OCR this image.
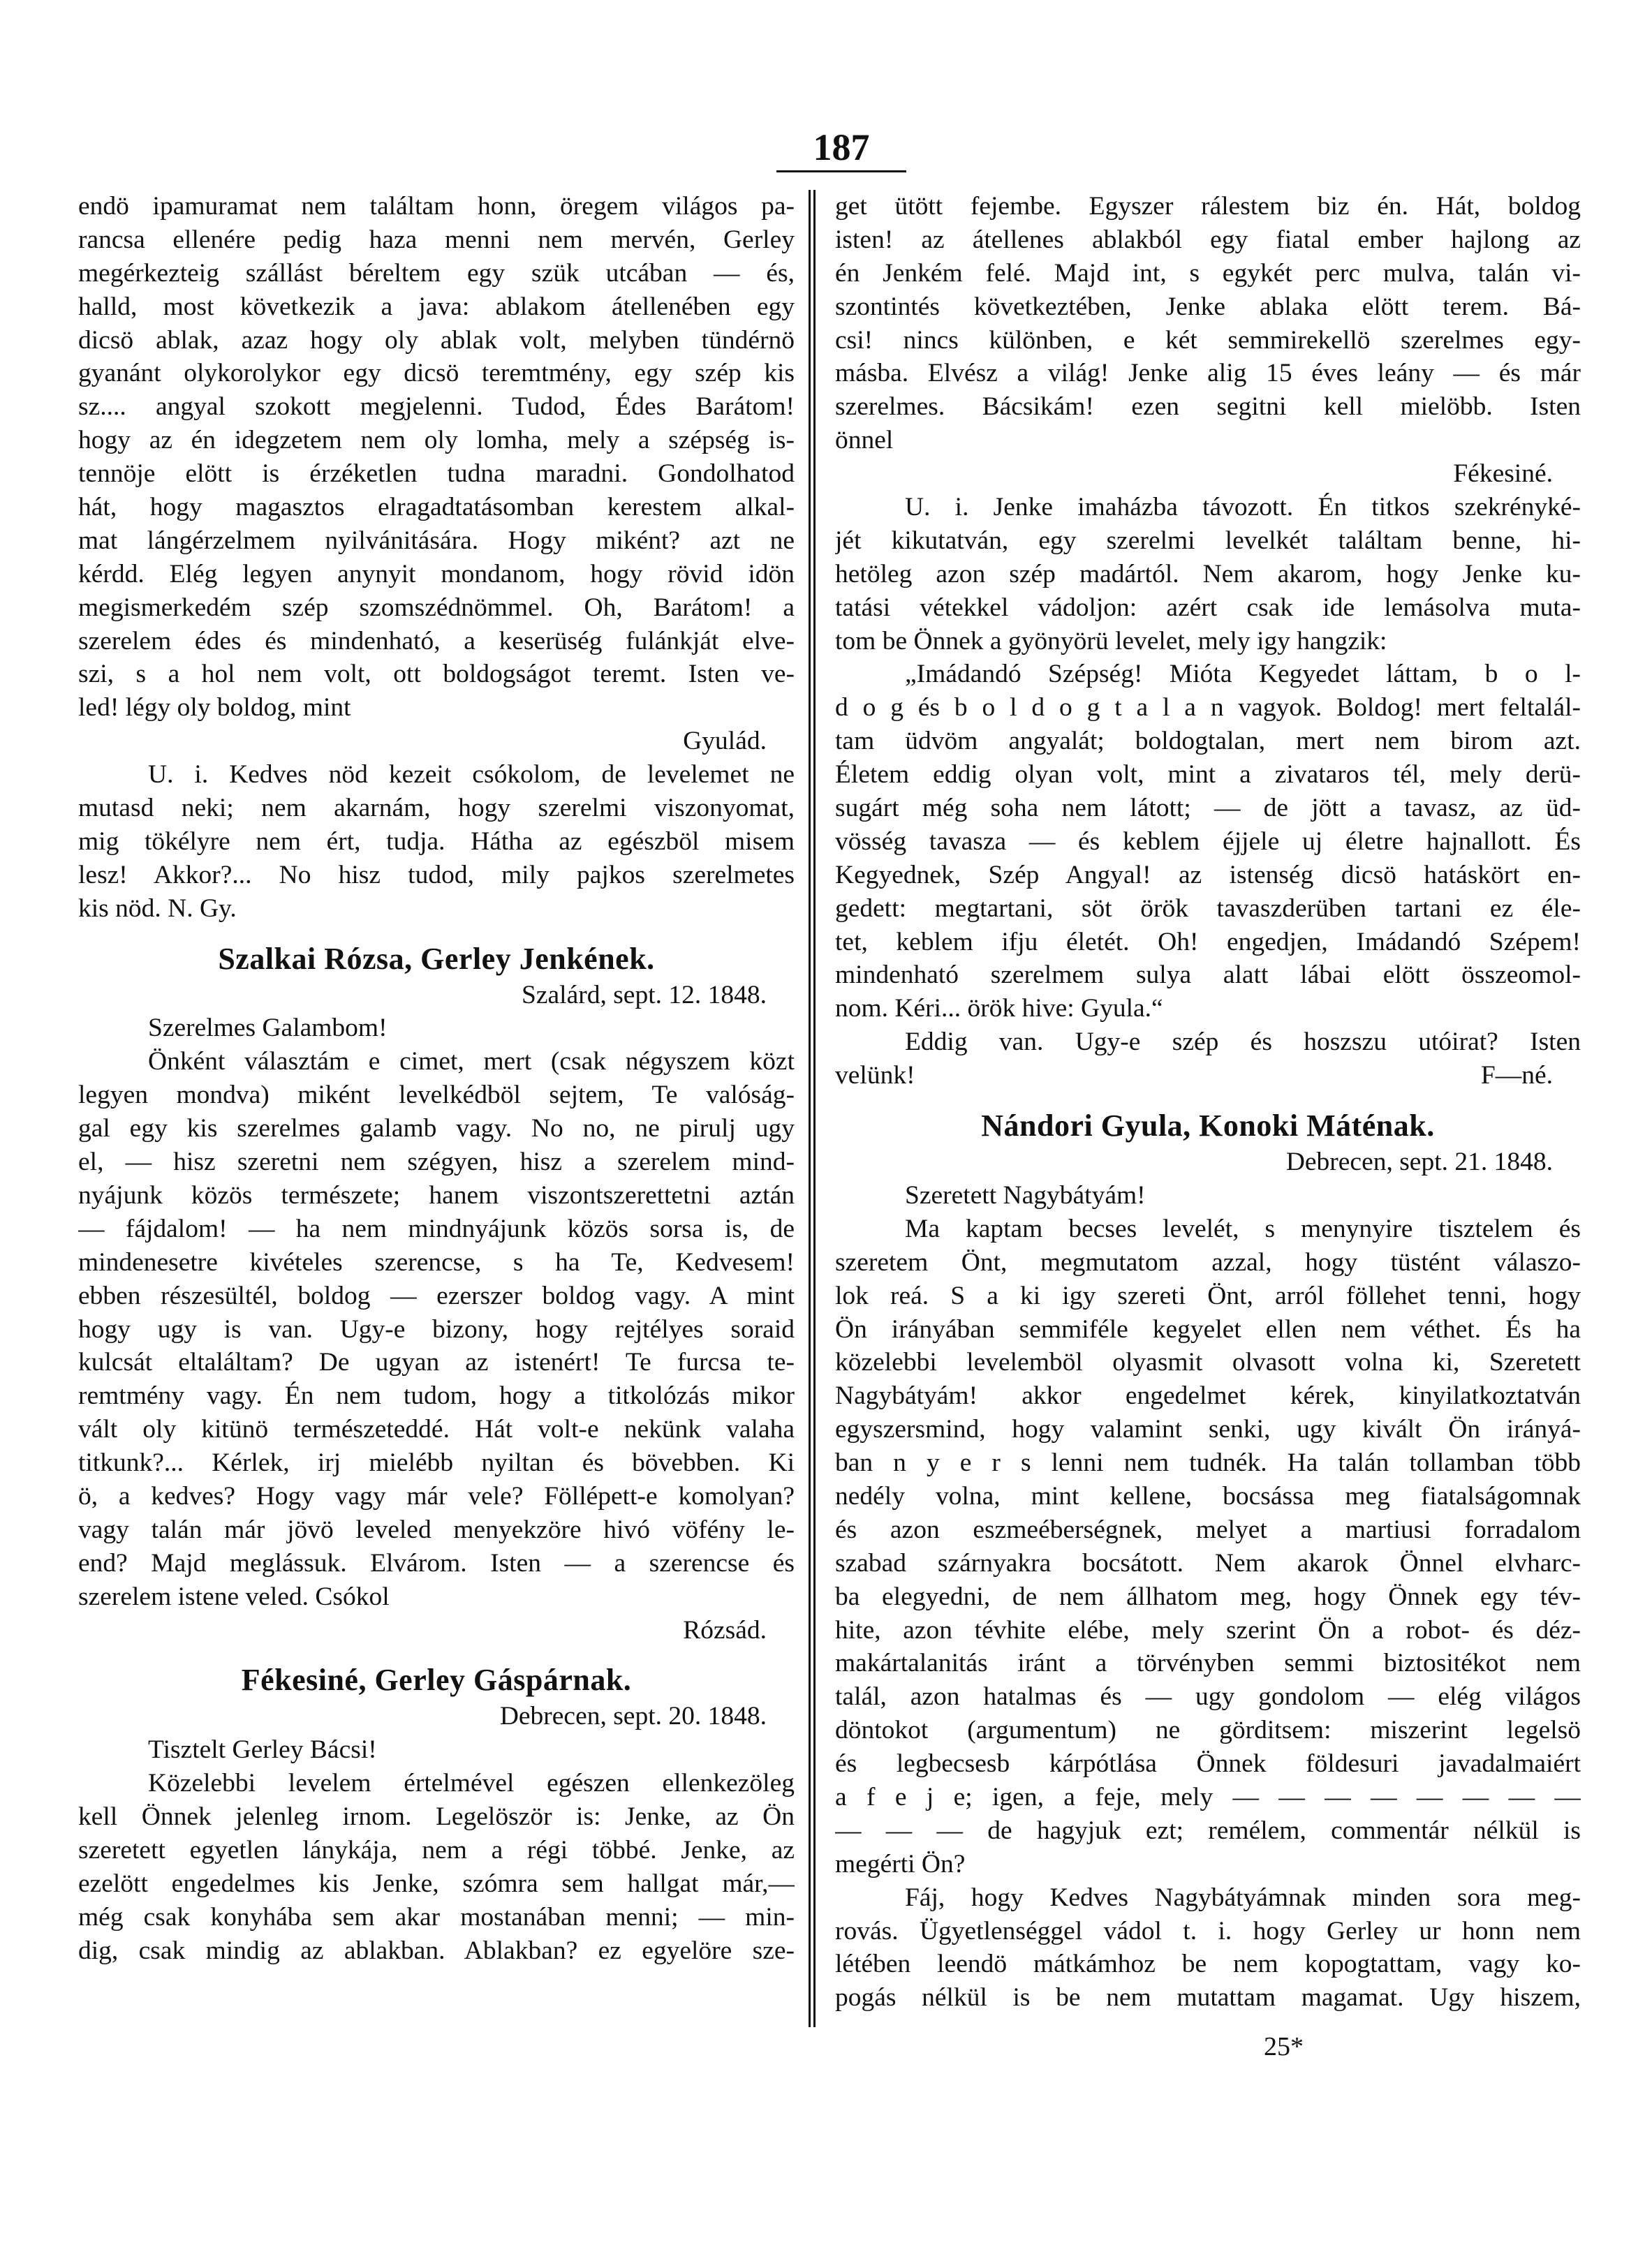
187
endö ipamuramat nem találtam honn, öregem világos pa-
rancsa ellenére pedig haza menni nem mervén, Gerley
megérkezteig szállást béreltem egy szük utcában — és,
halld, most következik a java: ablakom átellenében egy
dicsö ablak, azaz hogy oly ablak volt, melyben tündérnö
gyanánt olykorolykor egy dicsö teremtmény, egy szép kis
sz.... angyal szokott megjelenni. Tudod, Édes Barátom!
hogy az én idegzetem nem oly lomha, mely a szépség is-
tennöje elött is érzéketlen tudna maradni. Gondolhatod
hát, hogy magasztos elragadtatásomban kerestem alkal-
mat lángérzelmem nyilvánitására. Hogy miként? azt ne
kérdd. Elég legyen anynyit mondanom, hogy rövid idön
megismerkedém szép szomszédnömmel. Oh, Barátom! a
szerelem édes és mindenható, a keserüség fulánkját elve-
szi, s a hol nem volt, ott boldogságot teremt. Isten ve-
led! légy oly boldog, mint
Gyulád.
U. i. Kedves nöd kezeit csókolom, de levelemet ne
mutasd neki; nem akarnám, hogy szerelmi viszonyomat,
mig tökélyre nem ért, tudja. Hátha az egészböl misem
lesz! Akkor?... No hisz tudod, mily pajkos szerelmetes
kis nöd. N. Gy.
Szalkai Rózsa, Gerley Jenkének.
Szalárd, sept. 12. 1848.
Szerelmes Galambom!
Önként választám e cimet, mert (csak négyszem közt
legyen mondva) miként levelkédböl sejtem, Te valóság-
gal egy kis szerelmes galamb vagy. No no, ne pirulj ugy
el, — hisz szeretni nem szégyen, hisz a szerelem mind-
nyájunk közös természete; hanem viszontszerettetni aztán
— fájdalom! — ha nem mindnyájunk közös sorsa is, de
mindenesetre kivételes szerencse, s ha Te, Kedvesem!
ebben részesültél, boldog — ezerszer boldog vagy. A mint
hogy ugy is van. Ugy-e bizony, hogy rejtélyes soraid
kulcsát eltaláltam? De ugyan az istenért! Te furcsa te-
remtmény vagy. Én nem tudom, hogy a titkolózás mikor
vált oly kitünö természeteddé. Hát volt-e nekünk valaha
titkunk?... Kérlek, irj mielébb nyiltan és bövebben. Ki
ö, a kedves? Hogy vagy már vele? Föllépett-e komolyan?
vagy talán már jövö leveled menyekzöre hivó vöfény le-
end? Majd meglássuk. Elvárom. Isten — a szerencse és
szerelem istene veled. Csókol
Rózsád.
Fékesiné, Gerley Gáspárnak.
Debrecen, sept. 20. 1848.
Tisztelt Gerley Bácsi!
Közelebbi levelem értelmével egészen ellenkezöleg
kell Önnek jelenleg irnom. Legelöször is: Jenke, az Ön
szeretett egyetlen lánykája, nem a régi többé. Jenke, az
ezelött engedelmes kis Jenke, szómra sem hallgat már,—
még csak konyhába sem akar mostanában menni; — min-
dig, csak mindig az ablakban. Ablakban? ez egyelöre sze-
get ütött fejembe. Egyszer rálestem biz én. Hát, boldog
isten! az átellenes ablakból egy fiatal ember hajlong az
én Jenkém felé. Majd int, s egykét perc mulva, talán vi-
szontintés következtében, Jenke ablaka elött terem. Bá-
csi! nincs különben, e két semmirekellö szerelmes egy-
másba. Elvész a világ! Jenke alig 15 éves leány — és már
szerelmes. Bácsikám! ezen segitni kell mielöbb. Isten
önnel
Fékesiné.
U. i. Jenke imaházba távozott. Én titkos szekrényké-
jét kikutatván, egy szerelmi levelkét találtam benne, hi-
hetöleg azon szép madártól. Nem akarom, hogy Jenke ku-
tatási vétekkel vádoljon: azért csak ide lemásolva muta-
tom be Önnek a gyönyörü levelet, mely igy hangzik:
„Imádandó Szépség! Mióta Kegyedet láttam, b o l-
d o g és b o l d o g t a l a n vagyok. Boldog! mert feltalál-
tam üdvöm angyalát; boldogtalan, mert nem birom azt.
Életem eddig olyan volt, mint a zivataros tél, mely derü-
sugárt még soha nem látott; — de jött a tavasz, az üd-
vösség tavasza — és keblem éjjele uj életre hajnallott. És
Kegyednek, Szép Angyal! az istenség dicsö hatáskört en-
gedett: megtartani, söt örök tavaszderüben tartani ez éle-
tet, keblem ifju életét. Oh! engedjen, Imádandó Szépem!
mindenható szerelmem sulya alatt lábai elött összeomol-
nom. Kéri... örök hive: Gyula.“
Eddig van. Ugy-e szép és hoszszu utóirat? Isten
velünk!	F—né.
Nándori Gyula, Konoki Máténak.
Debrecen, sept. 21. 1848.
Szeretett Nagybátyám!
Ma kaptam becses levelét, s menynyire tisztelem és
szeretem Önt, megmutatom azzal, hogy tüstént válaszo-
lok reá. S a ki igy szereti Önt, arról föllehet tenni, hogy
Ön irányában semmiféle kegyelet ellen nem véthet. És ha
közelebbi levelemböl olyasmit olvasott volna ki, Szeretett
Nagybátyám! akkor engedelmet kérek, kinyilatkoztatván
egyszersmind, hogy valamint senki, ugy kivált Ön irányá-
ban n y e r s lenni nem tudnék. Ha talán tollamban több
nedély volna, mint kellene, bocsássa meg fiatalságomnak
és azon eszmeéberségnek, melyet a martiusi forradalom
szabad szárnyakra bocsátott. Nem akarok Önnel elvharc-
ba elegyedni, de nem állhatom meg, hogy Önnek egy tév-
hite, azon tévhite elébe, mely szerint Ön a robot- és déz-
makártalanitás iránt a törvényben semmi biztositékot nem
talál, azon hatalmas és — ugy gondolom — elég világos
döntokot (argumentum) ne görditsem: miszerint legelsö
és legbecsesb kárpótlása Önnek földesuri javadalmaiért
a f e j e; igen, a feje, mely — — — — — — — —
— — — de hagyjuk ezt; remélem, commentár nélkül is
megérti Ön?
Fáj, hogy Kedves Nagybátyámnak minden sora meg-
rovás. Ügyetlenséggel vádol t. i. hogy Gerley ur honn nem
létében leendö mátkámhoz be nem kopogtattam, vagy ko-
pogás nélkül is be nem mutattam magamat. Ugy hiszem,
25*
